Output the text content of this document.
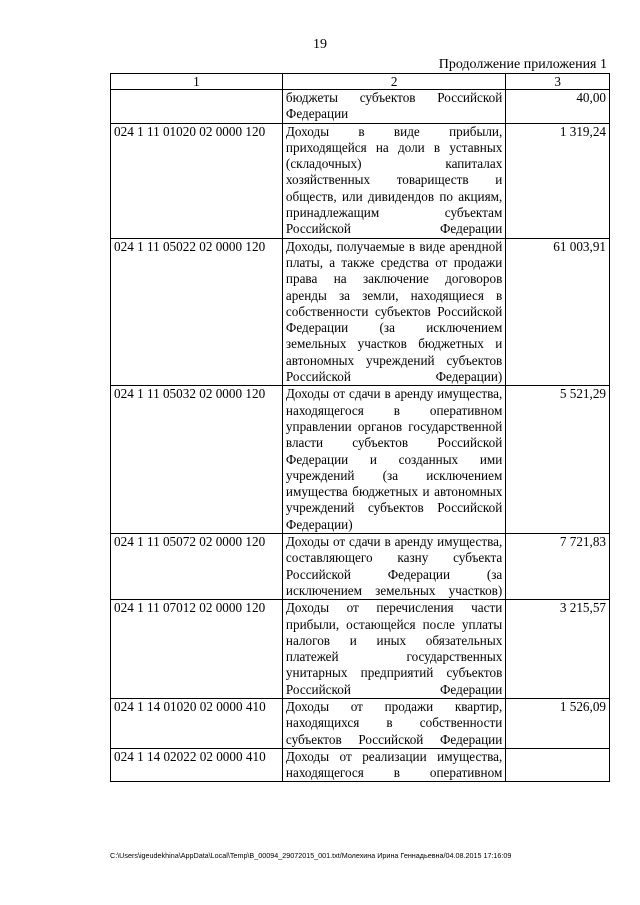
19
Продолжение приложения 1
1	2	3
	бюджеты субъектов Российской Федерации	40,00
024 1 11 01020 02 0000 120	Доходы в виде прибыли, приходящейся на доли в уставных (складочных) капиталах хозяйственных товариществ и обществ, или дивидендов по акциям, принадлежащим субъектам Российской Федерации	1 319,24
024 1 11 05022 02 0000 120	Доходы, получаемые в виде арендной платы, а также средства от продажи права на заключение договоров аренды за земли, находящиеся в собственности субъектов Российской Федерации (за исключением земельных участков бюджетных и автономных учреждений субъектов Российской Федерации)	61 003,91
024 1 11 05032 02 0000 120	Доходы от сдачи в аренду имущества, находящегося в оперативном управлении органов государственной власти субъектов Российской Федерации и созданных ими учреждений (за исключением имущества бюджетных и автономных учреждений субъектов Российской Федерации)	5 521,29
024 1 11 05072 02 0000 120	Доходы от сдачи в аренду имущества, составляющего казну субъекта Российской Федерации (за исключением земельных участков)	7 721,83
024 1 11 07012 02 0000 120	Доходы от перечисления части прибыли, остающейся после уплаты налогов и иных обязательных платежей государственных унитарных предприятий субъектов Российской Федерации	3 215,57
024 1 14 01020 02 0000 410	Доходы от продажи квартир, находящихся в собственности субъектов Российской Федерации	1 526,09
024 1 14 02022 02 0000 410	Доходы от реализации имущества, находящегося в оперативном	
C:\Users\igeudekhina\AppData\Local\Temp\B_00094_29072015_001.txt/Молехина Ирина Геннадьевна/04.08.2015 17:16:09
